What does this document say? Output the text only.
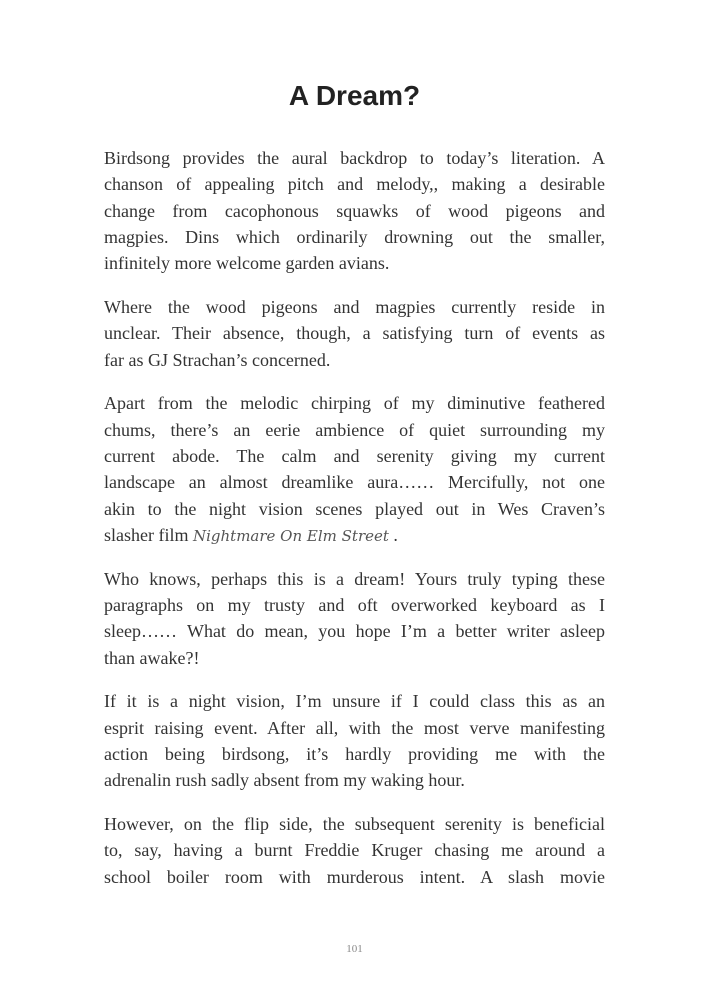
A Dream?

Birdsong provides the aural backdrop to today’s literation. A
chanson of appealing pitch and melody,, making a desirable
change from cacophonous squawks of wood pigeons and
magpies. Dins which ordinarily drowning out the smaller,
infinitely more welcome garden avians.

Where the wood pigeons and magpies currently reside in
unclear. Their absence, though, a satisfying turn of events as
far as GJ Strachan’s concerned.

Apart from the melodic chirping of my diminutive feathered
chums, there’s an eerie ambience of quiet surrounding my
current abode. The calm and serenity giving my current
landscape an almost dreamlike aura…… Mercifully, not one
akin to the night vision scenes played out in Wes Craven’s
slasher film Nightmare On Elm Street .

Who knows, perhaps this is a dream! Yours truly typing these
paragraphs on my trusty and oft overworked keyboard as I
sleep…… What do mean, you hope I’m a better writer asleep
than awake?!

If it is a night vision, I’m unsure if I could class this as an
esprit raising event. After all, with the most verve manifesting
action being birdsong, it’s hardly providing me with the
adrenalin rush sadly absent from my waking hour.

However, on the flip side, the subsequent serenity is beneficial
to, say, having a burnt Freddie Kruger chasing me around a
school boiler room with murderous intent. A slash movie

101
